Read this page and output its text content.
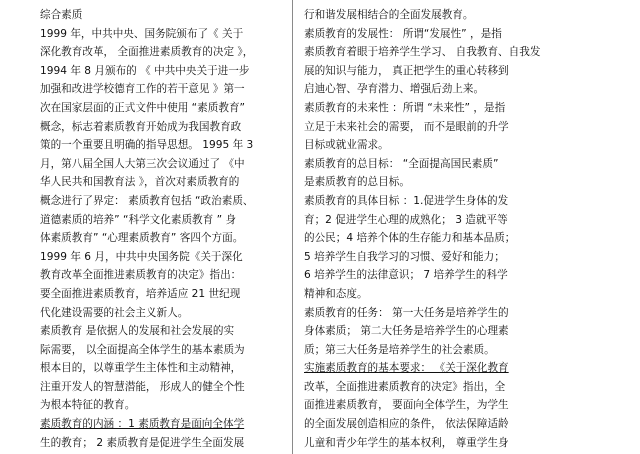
综合素质
1999 年，中共中央、国务院颁布了《 关于
深化教育改革， 全面推进素质教育的决定 》，
1994 年 8 月颁布的 《 中共中央关于进一步
加强和改进学校德育工作的若干意见 》第一
次在国家层面的正式文件中使用 “素质教育”
概念，标志着素质教育开始成为我国教育政
策的一个重要且明确的指导思想。 1995 年 3
月，第八届全国人大第三次会议通过了 《中
华人民共和国教育法 》，首次对素质教育的
概念进行了界定： 素质教育包括 “政治素质、
道德素质的培养” “科学文化素质教育 ” 身
体素质教育” “心理素质教育” 客四个方面。
1999 年 6 月，中共中央国务院《关于深化
教育改革全面推进素质教育的决定》指出：
要全面推进素质教育，培养适应 21 世纪现
代化建设需要的社会主义新人。
素质教育 是依据人的发展和社会发展的实
际需要， 以全面提高全体学生的基本素质为
根本目的，以尊重学生主体性和主动精神，
注重开发人的智慧潜能， 形成人的健全个性
为根本特征的教育。
素质教育的内涵 ：1 素质教育是面向全体学
生的教育； 2 素质教育是促进学生全面发展
行和谐发展相结合的全面发展教育。
素质教育的发展性： 所谓“发展性” ，是指
素质教育着眼于培养学生学习、 自我教育、自我发
展的知识与能力， 真正把学生的重心转移到
启迪心智、孕育潜力、增强后劲上来。
素质教育的未来性 ：所谓 “未来性” ，是指
立足于未来社会的需要， 而不是眼前的升学
目标或就业需求。
素质教育的总目标： “全面提高国民素质”
是素质教育的总目标。
素质教育的具体目标 ：1.促进学生身体的发
育；2 促进学生心理的成熟化； 3 造就平等
的公民；4 培养个体的生存能力和基本品质；
5 培养学生自我学习的习惯、爱好和能力；
6 培养学生的法律意识； 7 培养学生的科学
精神和态度。
素质教育的任务： 第一大任务是培养学生的
身体素质； 第二大任务是培养学生的心理素
质；第三大任务是培养学生的社会素质。
实施素质教育的基本要求： 《关于深化教育
改革，全面推进素质教育的决定》指出，全
面推进素质教育， 要面向全体学生，为学生
的全面发展创造相应的条件， 依法保障适龄
儿童和青少年学生的基本权利， 尊重学生身
